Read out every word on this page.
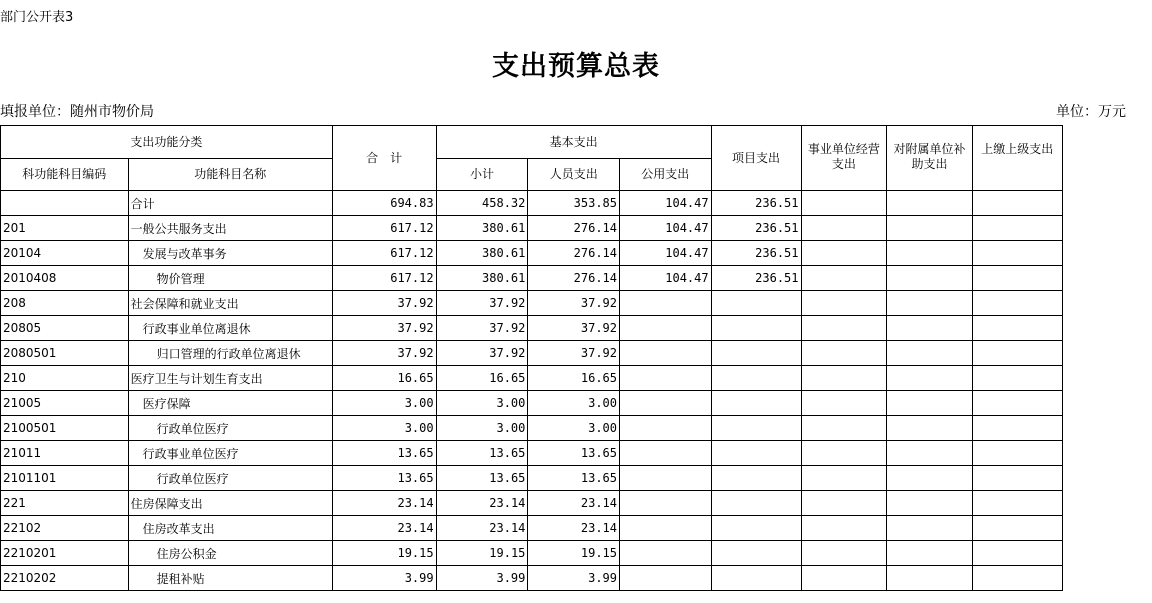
部门公开表3
支出预算总表
填报单位：随州市物价局	单位：万元
支出功能分类		合　计	基本支出			项目支出	事业单位经营支出	对附属单位补助支出	上缴上级支出
科功能科目编码	功能科目名称		小计	人员支出	公用支出				
	合计	694.83	458.32	353.85	104.47	236.51			
201	一般公共服务支出	617.12	380.61	276.14	104.47	236.51			
20104	发展与改革事务	617.12	380.61	276.14	104.47	236.51			
2010408	物价管理	617.12	380.61	276.14	104.47	236.51			
208	社会保障和就业支出	37.92	37.92	37.92					
20805	行政事业单位离退休	37.92	37.92	37.92					
2080501	归口管理的行政单位离退休	37.92	37.92	37.92					
210	医疗卫生与计划生育支出	16.65	16.65	16.65					
21005	医疗保障	3.00	3.00	3.00					
2100501	行政单位医疗	3.00	3.00	3.00					
21011	行政事业单位医疗	13.65	13.65	13.65					
2101101	行政单位医疗	13.65	13.65	13.65					
221	住房保障支出	23.14	23.14	23.14					
22102	住房改革支出	23.14	23.14	23.14					
2210201	住房公积金	19.15	19.15	19.15					
2210202	提租补贴	3.99	3.99	3.99					
